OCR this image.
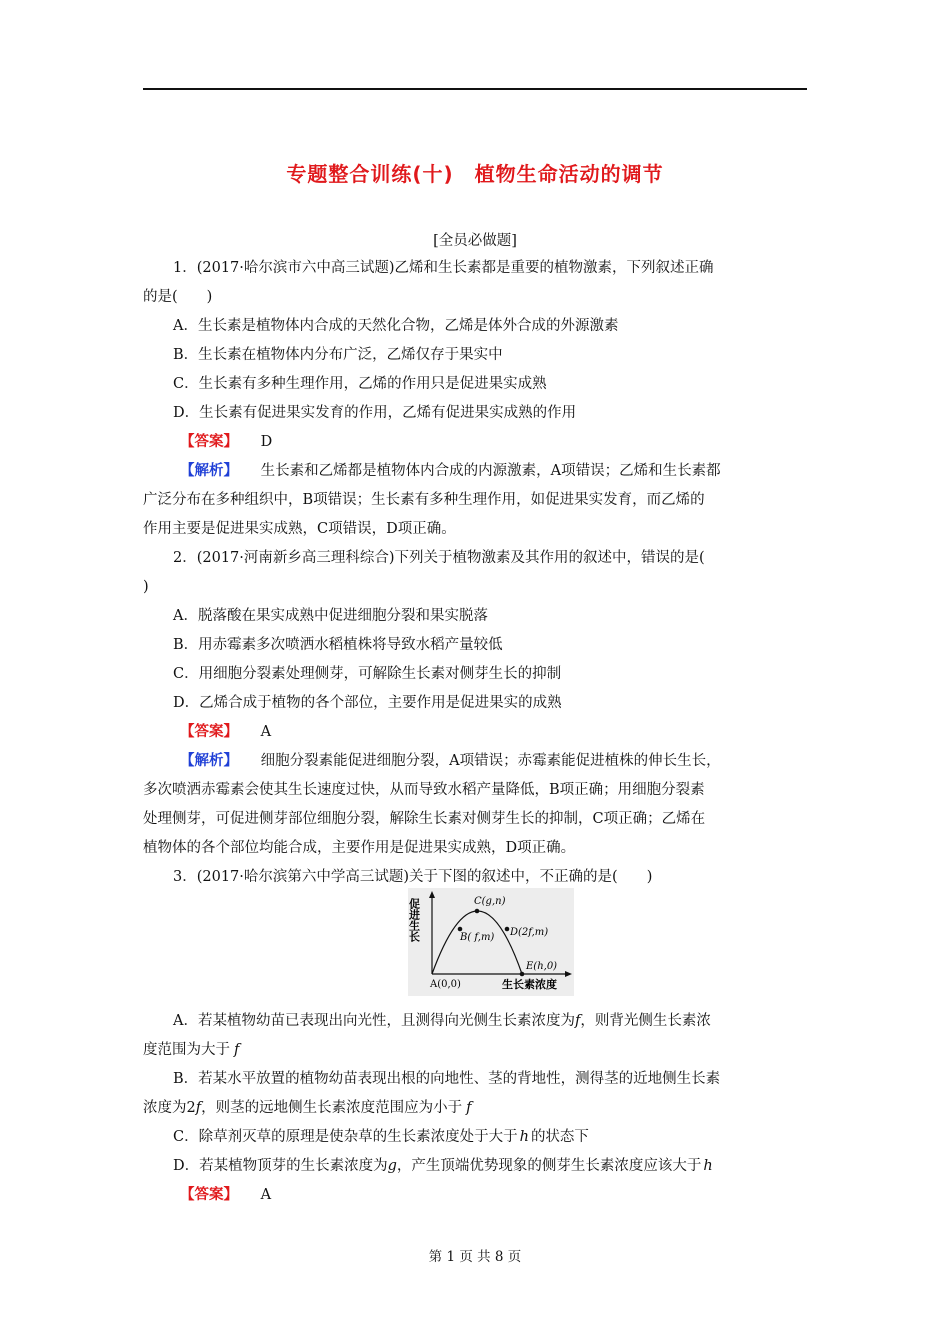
专题整合训练(十)　植物生命活动的调节
[全员必做题]
1．(2017·哈尔滨市六中高三试题)乙烯和生长素都是重要的植物激素，下列叙述正确
的是(　　)
A．生长素是植物体内合成的天然化合物，乙烯是体外合成的外源激素
B．生长素在植物体内分布广泛，乙烯仅存于果实中
C．生长素有多种生理作用，乙烯的作用只是促进果实成熟
D．生长素有促进果实发育的作用，乙烯有促进果实成熟的作用
【答案】 D
【解析】 生长素和乙烯都是植物体内合成的内源激素，A项错误；乙烯和生长素都
广泛分布在多种组织中，B项错误；生长素有多种生理作用，如促进果实发育，而乙烯的
作用主要是促进果实成熟，C项错误，D项正确。
2．(2017·河南新乡高三理科综合)下列关于植物激素及其作用的叙述中，错误的是(
)
A．脱落酸在果实成熟中促进细胞分裂和果实脱落
B．用赤霉素多次喷洒水稻植株将导致水稻产量较低
C．用细胞分裂素处理侧芽，可解除生长素对侧芽生长的抑制
D．乙烯合成于植物的各个部位，主要作用是促进果实的成熟
【答案】 A
【解析】 细胞分裂素能促进细胞分裂，A项错误；赤霉素能促进植株的伸长生长，
多次喷洒赤霉素会使其生长速度过快，从而导致水稻产量降低，B项正确；用细胞分裂素
处理侧芽，可促进侧芽部位细胞分裂，解除生长素对侧芽生长的抑制，C项正确；乙烯在
植物体的各个部位均能合成，主要作用是促进果实成熟，D项正确。
3．(2017·哈尔滨第六中学高三试题)关于下图的叙述中，不正确的是(　　)
促进生长	C(g,n)
B( f,m) D(2f,m)
E(h,0)
A(0,0)	生长素浓度
A．若某植物幼苗已表现出向光性，且测得向光侧生长素浓度为f，则背光侧生长素浓
度范围为大于 f
B．若某水平放置的植物幼苗表现出根的向地性、茎的背地性，测得茎的近地侧生长素
浓度为2f，则茎的远地侧生长素浓度范围应为小于 f
C．除草剂灭草的原理是使杂草的生长素浓度处于大于 h 的状态下
D．若某植物顶芽的生长素浓度为g，产生顶端优势现象的侧芽生长素浓度应该大于 h
【答案】 A
第 1 页 共 8 页
